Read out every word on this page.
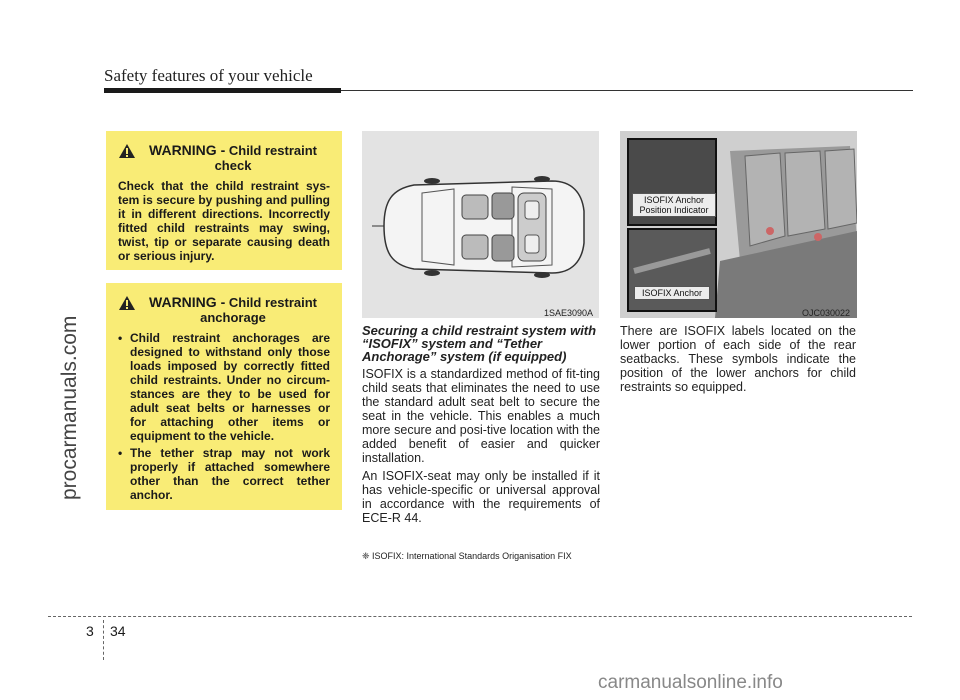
Safety features of your vehicle
procarmanuals.com
WARNING - Child restraint check
Check that the child restraint sys-tem is secure by pushing and pulling it in different directions. Incorrectly fitted child restraints may swing, twist, tip or separate causing death or serious injury.
WARNING - Child restraint anchorage
• Child restraint anchorages are designed to withstand only those loads imposed by correctly fitted child restraints. Under no circum-stances are they to be used for adult seat belts or harnesses or for attaching other items or equipment to the vehicle.
• The tether strap may not work properly if attached somewhere other than the correct tether anchor.
1SAE3090A
ISOFIX Anchor Position Indicator
ISOFIX Anchor
OJC030022
Securing a child restraint system with “ISOFIX” system and “Tether Anchorage” system (if equipped)
ISOFIX is a standardized method of fit-ting child seats that eliminates the need to use the standard adult seat belt to secure the seat in the vehicle. This enables a much more secure and posi-tive location with the added benefit of easier and quicker installation.
An ISOFIX-seat may only be installed if it has vehicle-specific or universal approval in accordance with the requirements of ECE-R 44.
❈ ISOFIX: International Standards Origanisation FIX
There are ISOFIX labels located on the lower portion of each side of the rear seatbacks. These symbols indicate the position of the lower anchors for child restraints so equipped.
3 34
carmanualsonline.info
